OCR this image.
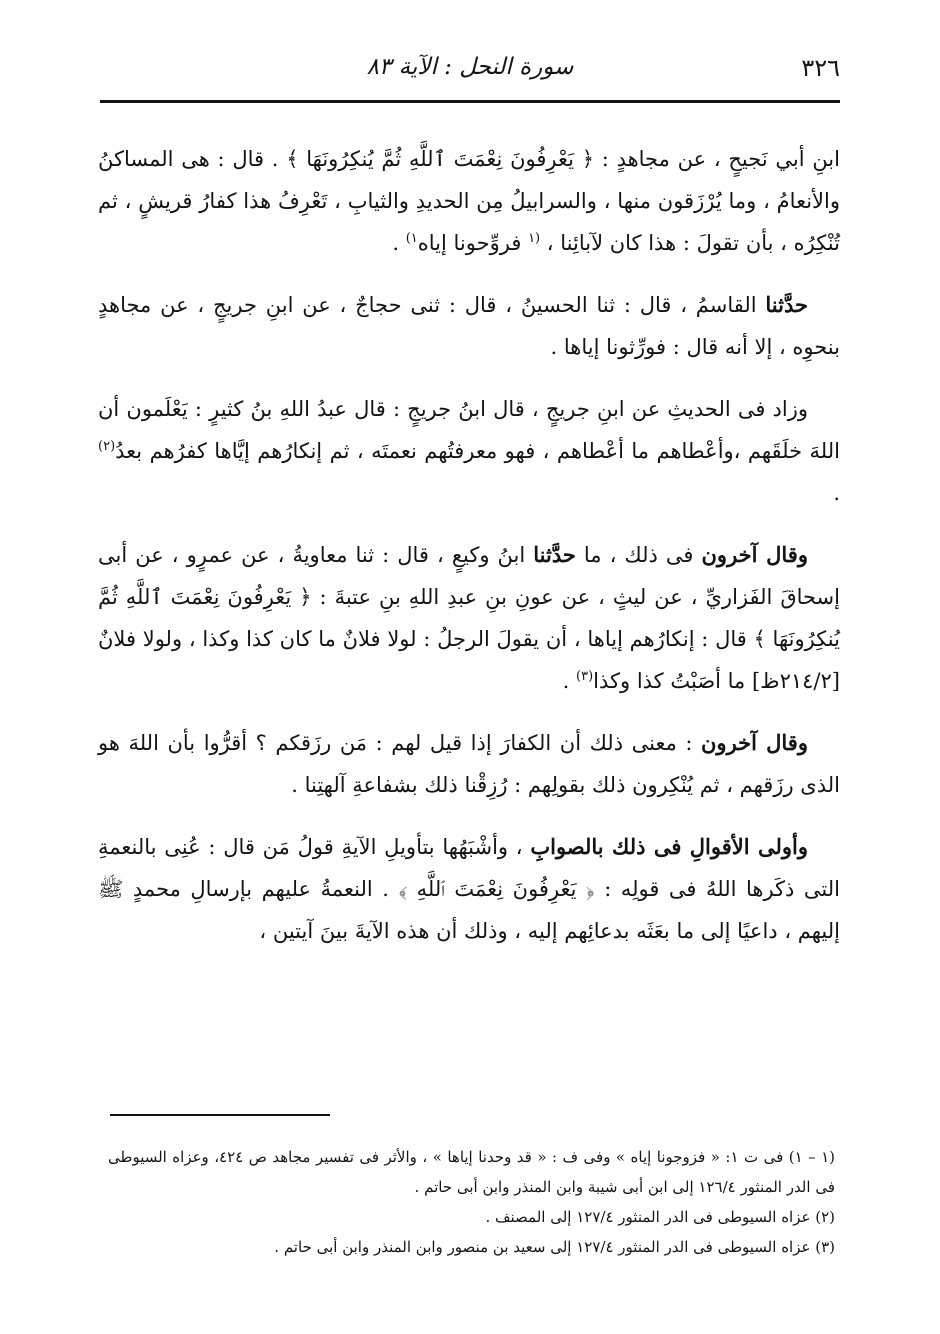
٣٢٦
سورة النحل : الآية ٨٣

ابنِ أبي نَجيحٍ ، عن مجاهدٍ : ﴿ يَعْرِفُونَ نِعْمَتَ ٱللَّهِ ثُمَّ يُنكِرُونَهَا ﴾ . قال : هى المساكنُ والأنعامُ ، وما يُرْزَقون منها ، والسرابيلُ مِن الحديدِ والثيابِ ، تَعْرِفُ هذا كفارُ قريشٍ ، ثم تُنْكِرُه ، بأن تقولَ : هذا كان لآبائِنا ، $^{(١}$ فروِّحونا إياه$^{١)}$ .

حدَّثنا القاسمُ ، قال : ثنا الحسينُ ، قال : ثنى حجاجٌ ، عن ابنِ جريجٍ ، عن مجاهدٍ بنحوِه ، إلا أنه قال : فورِّثونا إياها .

وزاد فى الحديثِ عن ابنِ جريجٍ ، قال ابنُ جريجٍ : قال عبدُ اللهِ بنُ كثيرٍ : يَعْلَمون أن اللهَ خلَقَهم ،وأعْطاهم ما أعْطاهم ، فهو معرفتُهم نعمتَه ، ثم إنكارُهم إيَّاها كفرُهم بعدُ$^{(٢)}$ .

وقال آخرون فى ذلك ، ما حدَّثنا ابنُ وكيعٍ ، قال : ثنا معاويةُ ، عن عمرٍو ، عن أبى إسحاقَ الفَزاريِّ ، عن ليثٍ ، عن عونِ بنِ عبدِ اللهِ بنِ عتبةَ : ﴿ يَعْرِفُونَ نِعْمَتَ ٱللَّهِ ثُمَّ يُنكِرُونَهَا ﴾ قال : إنكارُهم إياها ، أن يقولَ الرجلُ : لولا فلانٌ ما كان كذا وكذا ، ولولا فلانٌ [٢١٤/٢ظ] ما أصَبْتُ كذا وكذا$^{(٣)}$ .

وقال آخرون : معنى ذلك أن الكفارَ إذا قيل لهم : مَن رزَقكم ؟ أقرُّوا بأن اللهَ هو الذى رزَقهم ، ثم يُنْكِرون ذلك بقولِهم : رُزِقْنا ذلك بشفاعةِ آلهتِنا .

وأولى الأقوالِ فى ذلك بالصوابِ ، وأشْبَهُها بتأويلِ الآيةِ قولُ مَن قال : عُنِى بالنعمةِ التى ذكَرها اللهُ فى قولِه : ﴿ يَعْرِفُونَ نِعْمَتَ ٱللَّهِ ﴾ . النعمةُ عليهم بإرسالِ محمدٍ ﷺ إليهم ، داعيًا إلى ما بعَثَه بدعائِهم إليه ، وذلك أن هذه الآيةَ بينَ آيتين ،

(١ – ١) فى ت ١: « فزوجونا إياه » وفى ف : « قد وحدنا إياها » ، والأثر فى تفسير مجاهد ص ٤٢٤، وعزاه السيوطى فى الدر المنثور ١٢٦/٤ إلى ابن أبى شيبة وابن المنذر وابن أبى حاتم .

(٢) عزاه السيوطى فى الدر المنثور ١٢٧/٤ إلى المصنف .

(٣) عزاه السيوطى فى الدر المنثور ١٢٧/٤ إلى سعيد بن منصور وابن المنذر وابن أبى حاتم .
